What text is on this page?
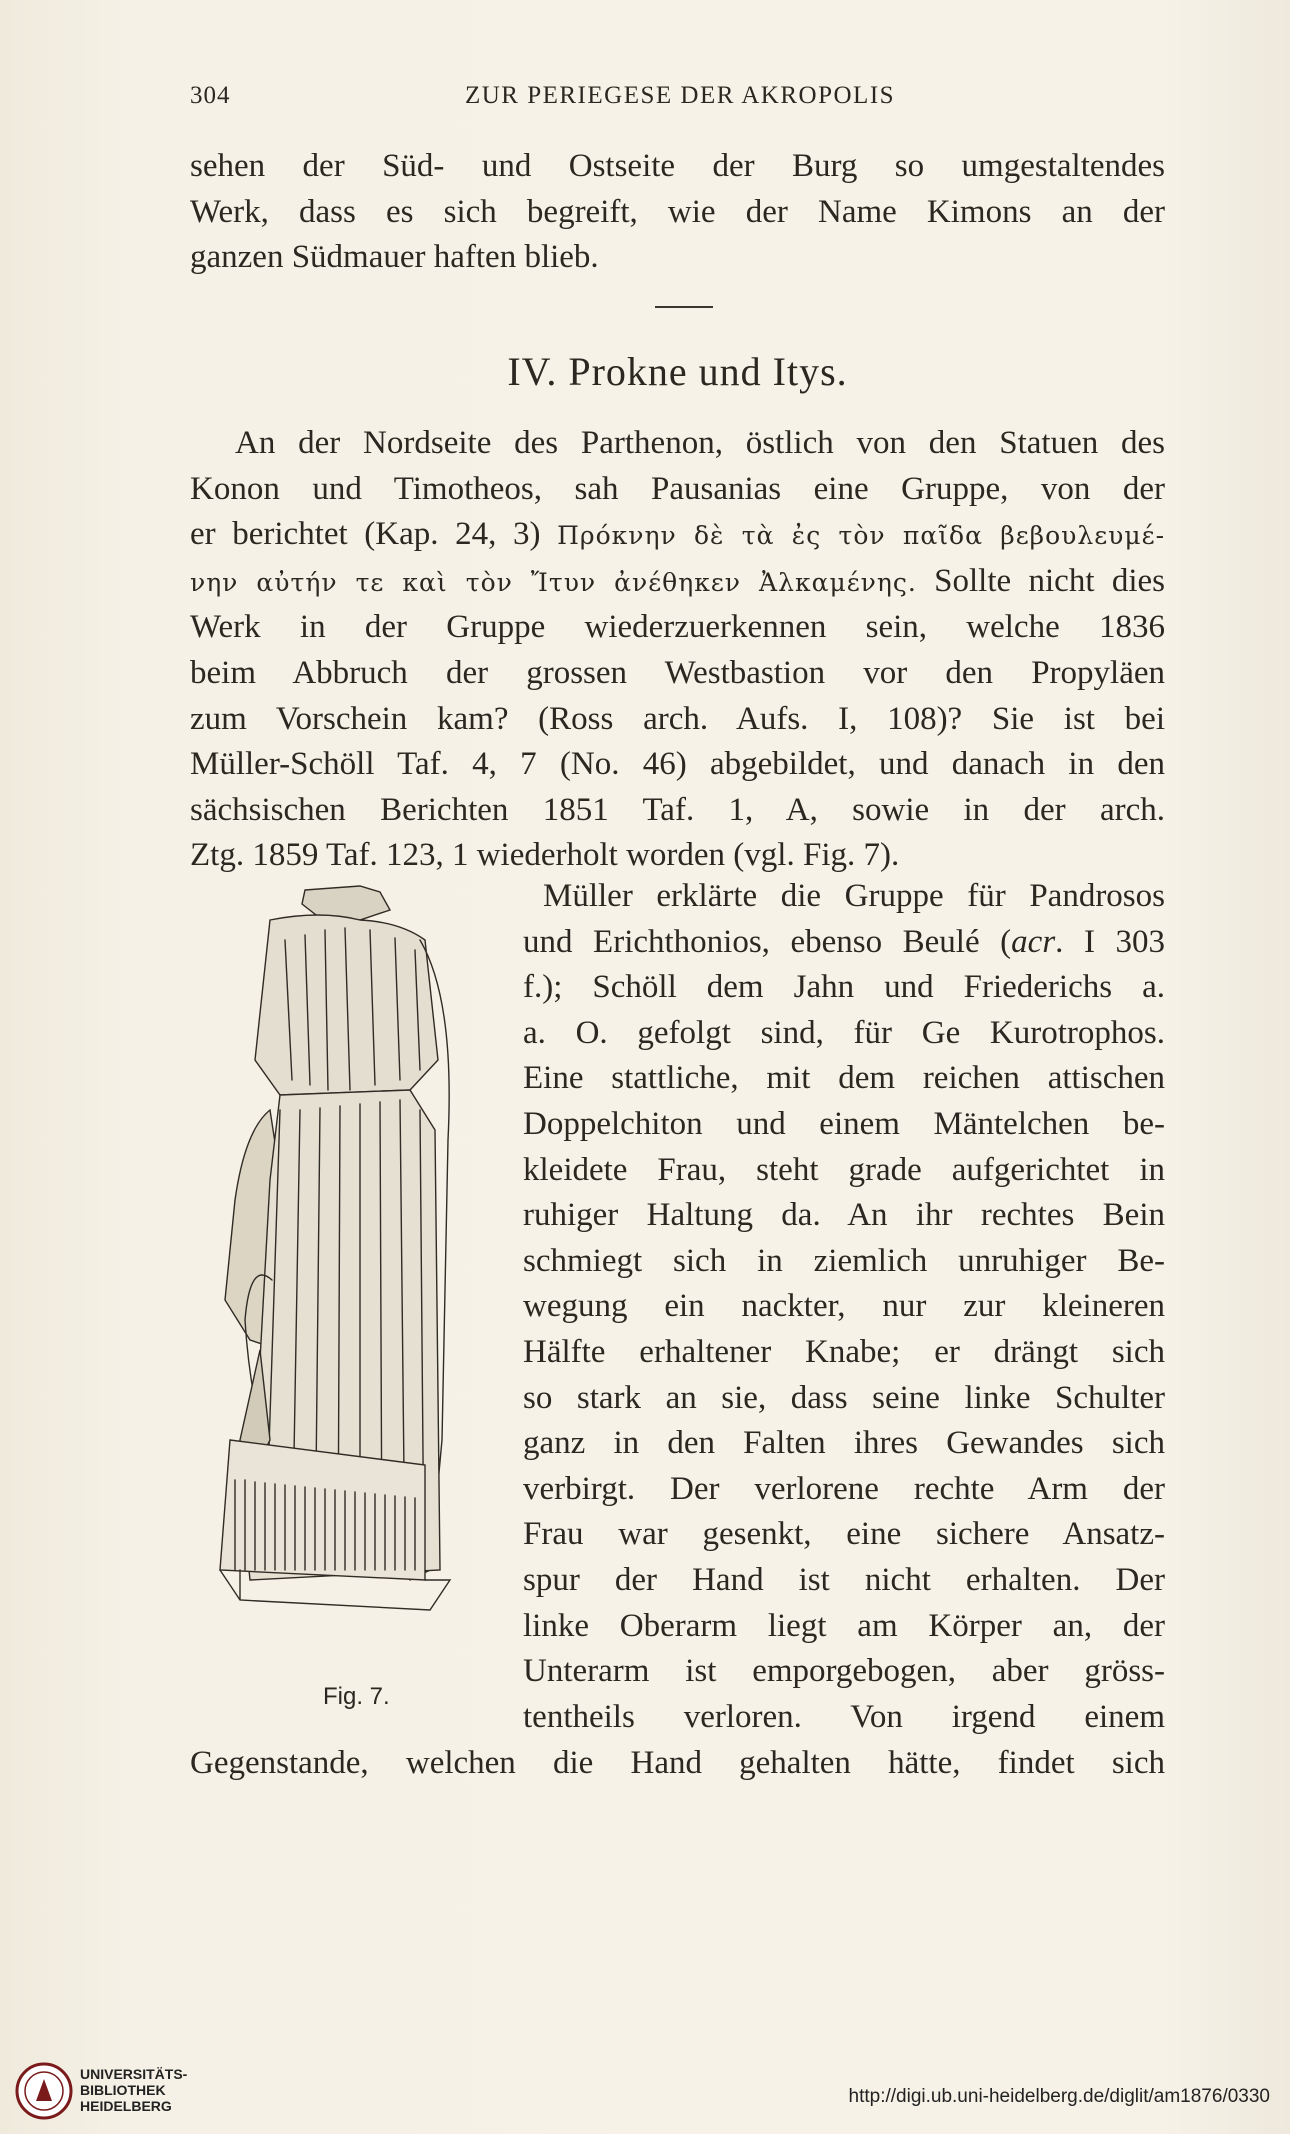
304	ZUR PERIEGESE DER AKROPOLIS
sehen der Süd- und Ostseite der Burg so umgestaltendes
Werk, dass es sich begreift, wie der Name Kimons an der
ganzen Südmauer haften blieb.
IV. Prokne und Itys.
An der Nordseite des Parthenon, östlich von den Statuen des
Konon und Timotheos, sah Pausanias eine Gruppe, von der
er berichtet (Kap. 24, 3) Πρόκνην δὲ τὰ ἐς τὸν παῖδα βεβουλευμέ-
νην αὐτήν τε καὶ τὸν Ἴτυν ἀνέθηκεν Ἀλκαμένης. Sollte nicht dies
Werk in der Gruppe wiederzuerkennen sein, welche 1836
beim Abbruch der grossen Westbastion vor den Propyläen
zum Vorschein kam? (Ross arch. Aufs. I, 108)? Sie ist bei
Müller-Schöll Taf. 4, 7 (No. 46) abgebildet, und danach in den
sächsischen Berichten 1851 Taf. 1, A, sowie in der arch.
Ztg. 1859 Taf. 123, 1 wiederholt worden (vgl. Fig. 7).
Fig. 7.
Müller erklärte die Gruppe für Pandrosos
und Erichthonios, ebenso Beulé (acr. I 303
f.); Schöll dem Jahn und Friederichs a.
a. O. gefolgt sind, für Ge Kurotrophos.
Eine stattliche, mit dem reichen attischen
Doppelchiton und einem Mäntelchen be-
kleidete Frau, steht grade aufgerichtet in
ruhiger Haltung da. An ihr rechtes Bein
schmiegt sich in ziemlich unruhiger Be-
wegung ein nackter, nur zur kleineren
Hälfte erhaltener Knabe; er drängt sich
so stark an sie, dass seine linke Schulter
ganz in den Falten ihres Gewandes sich
verbirgt. Der verlorene rechte Arm der
Frau war gesenkt, eine sichere Ansatz-
spur der Hand ist nicht erhalten. Der
linke Oberarm liegt am Körper an, der
Unterarm ist emporgebogen, aber gröss-
tentheils verloren. Von irgend einem
Gegenstande, welchen die Hand gehalten hätte, findet sich
UNIVERSITÄTS-
BIBLIOTHEK
HEIDELBERG	http://digi.ub.uni-heidelberg.de/diglit/am1876/0330
